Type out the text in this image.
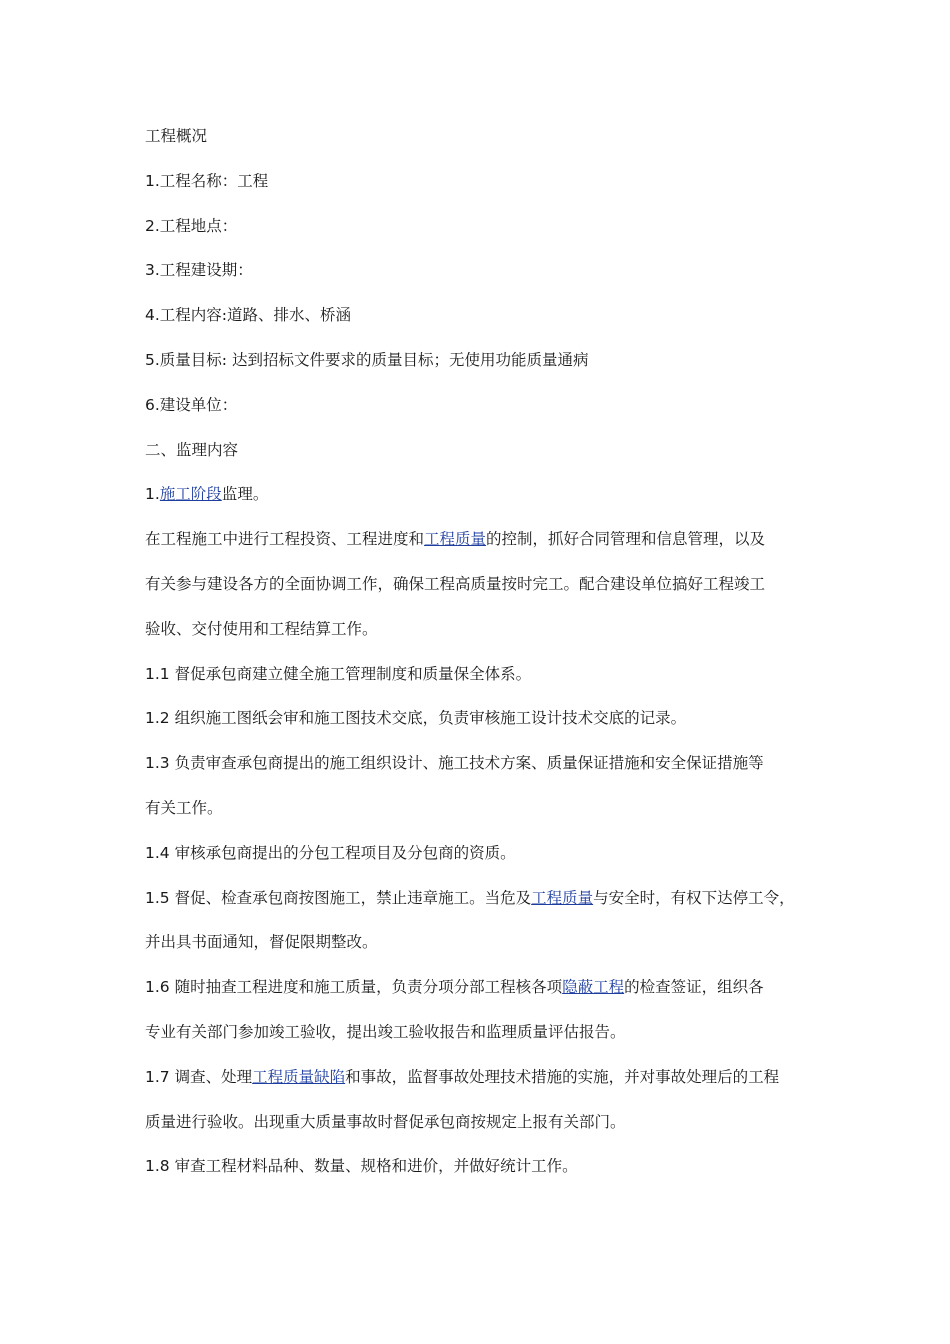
工程概况
1.工程名称：工程
2.工程地点：
3.工程建设期：
4.工程内容:道路、排水、桥涵
5.质量目标: 达到招标文件要求的质量目标；无使用功能质量通病
6.建设单位：
二、监理内容
1.施工阶段监理。
在工程施工中进行工程投资、工程进度和工程质量的控制，抓好合同管理和信息管理，以及
有关参与建设各方的全面协调工作，确保工程高质量按时完工。配合建设单位搞好工程竣工
验收、交付使用和工程结算工作。
1.1 督促承包商建立健全施工管理制度和质量保全体系。
1.2 组织施工图纸会审和施工图技术交底，负责审核施工设计技术交底的记录。
1.3 负责审查承包商提出的施工组织设计、施工技术方案、质量保证措施和安全保证措施等
有关工作。
1.4 审核承包商提出的分包工程项目及分包商的资质。
1.5 督促、检查承包商按图施工，禁止违章施工。当危及工程质量与安全时，有权下达停工令，
并出具书面通知，督促限期整改。
1.6 随时抽查工程进度和施工质量，负责分项分部工程核各项隐蔽工程的检查签证，组织各
专业有关部门参加竣工验收，提出竣工验收报告和监理质量评估报告。
1.7 调查、处理工程质量缺陷和事故，监督事故处理技术措施的实施，并对事故处理后的工程
质量进行验收。出现重大质量事故时督促承包商按规定上报有关部门。
1.8 审查工程材料品种、数量、规格和进价，并做好统计工作。
